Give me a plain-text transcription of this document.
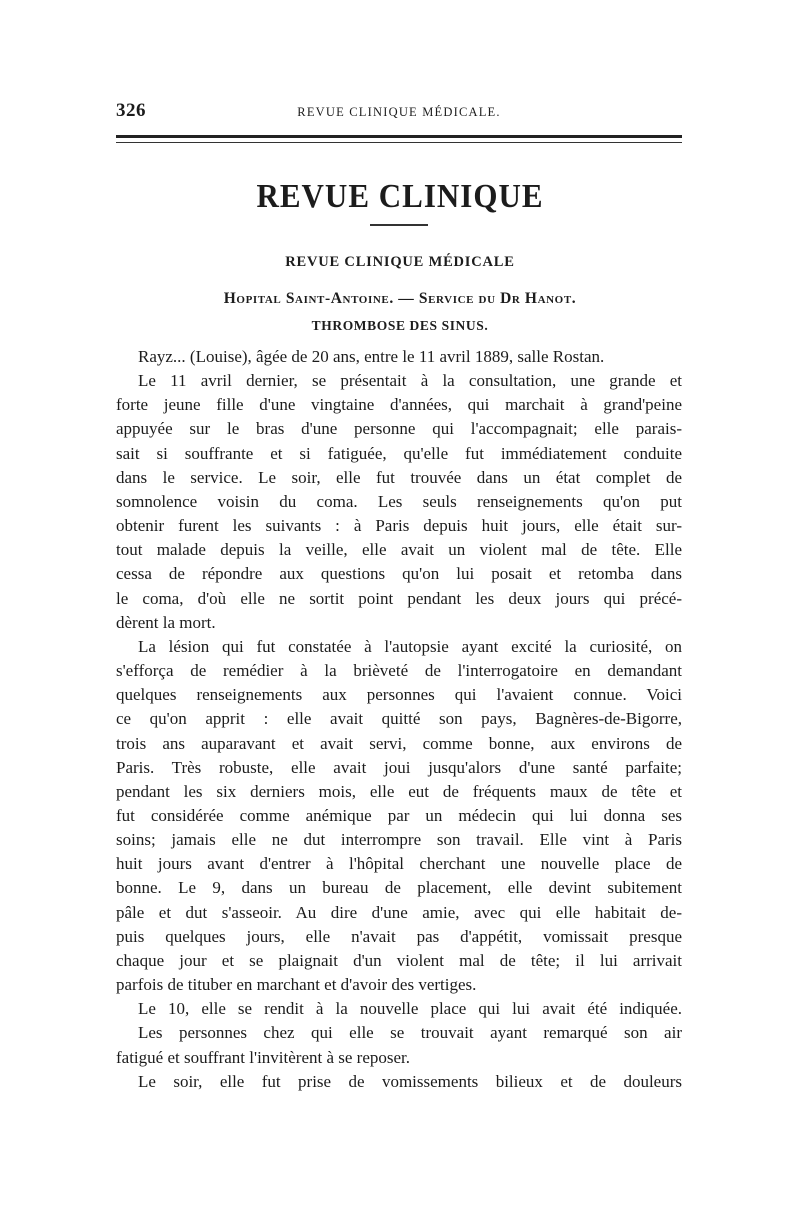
326	REVUE CLINIQUE MÉDICALE.
REVUE CLINIQUE
REVUE CLINIQUE MÉDICALE
Hopital Saint-Antoine. — Service du Dr Hanot.
THROMBOSE DES SINUS.
Rayz... (Louise), âgée de 20 ans, entre le 11 avril 1889, salle Rostan.
Le 11 avril dernier, se présentait à la consultation, une grande et
forte jeune fille d'une vingtaine d'années, qui marchait à grand'peine
appuyée sur le bras d'une personne qui l'accompagnait; elle parais-
sait si souffrante et si fatiguée, qu'elle fut immédiatement conduite
dans le service. Le soir, elle fut trouvée dans un état complet de
somnolence voisin du coma. Les seuls renseignements qu'on put
obtenir furent les suivants : à Paris depuis huit jours, elle était sur-
tout malade depuis la veille, elle avait un violent mal de tête. Elle
cessa de répondre aux questions qu'on lui posait et retomba dans
le coma, d'où elle ne sortit point pendant les deux jours qui précé-
dèrent la mort.
La lésion qui fut constatée à l'autopsie ayant excité la curiosité, on
s'efforça de remédier à la brièveté de l'interrogatoire en demandant
quelques renseignements aux personnes qui l'avaient connue. Voici
ce qu'on apprit : elle avait quitté son pays, Bagnères-de-Bigorre,
trois ans auparavant et avait servi, comme bonne, aux environs de
Paris. Très robuste, elle avait joui jusqu'alors d'une santé parfaite;
pendant les six derniers mois, elle eut de fréquents maux de tête et
fut considérée comme anémique par un médecin qui lui donna ses
soins; jamais elle ne dut interrompre son travail. Elle vint à Paris
huit jours avant d'entrer à l'hôpital cherchant une nouvelle place de
bonne. Le 9, dans un bureau de placement, elle devint subitement
pâle et dut s'asseoir. Au dire d'une amie, avec qui elle habitait de-
puis quelques jours, elle n'avait pas d'appétit, vomissait presque
chaque jour et se plaignait d'un violent mal de tête; il lui arrivait
parfois de tituber en marchant et d'avoir des vertiges.
Le 10, elle se rendit à la nouvelle place qui lui avait été indiquée.
Les personnes chez qui elle se trouvait ayant remarqué son air
fatigué et souffrant l'invitèrent à se reposer.
Le soir, elle fut prise de vomissements bilieux et de douleurs
